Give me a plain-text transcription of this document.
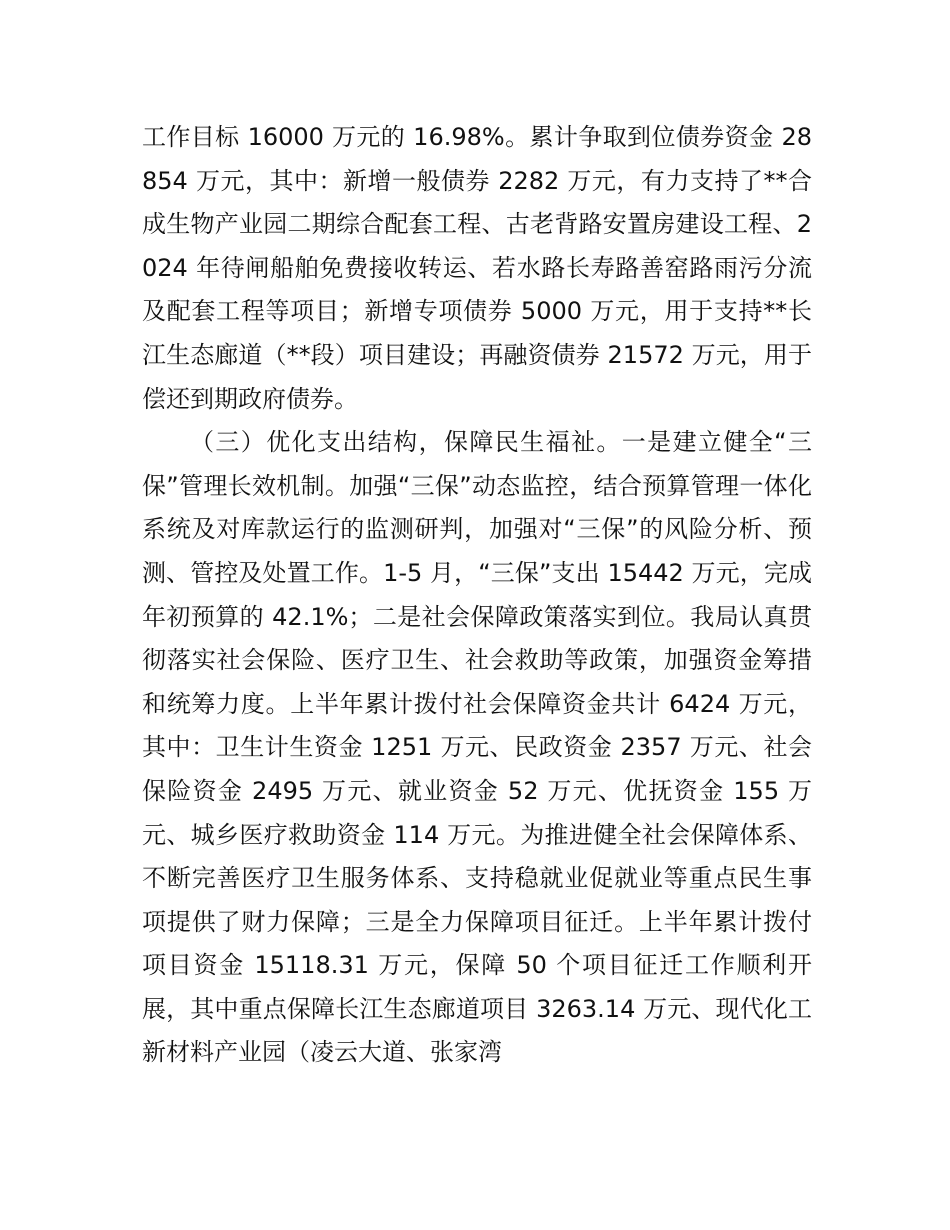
工作目标 16000 万元的 16.98%。累计争取到位债券资金 28854 万元，其中：新增一般债券 2282 万元，有力支持了**合成生物产业园二期综合配套工程、古老背路安置房建设工程、2024 年待闸船舶免费接收转运、若水路长寿路善窑路雨污分流及配套工程等项目；新增专项债券 5000 万元，用于支持**长江生态廊道（**段）项目建设；再融资债券 21572 万元，用于偿还到期政府债券。

（三）优化支出结构，保障民生福祉。一是建立健全“三保”管理长效机制。加强“三保”动态监控，结合预算管理一体化系统及对库款运行的监测研判，加强对“三保”的风险分析、预测、管控及处置工作。1-5 月，“三保”支出 15442 万元，完成年初预算的 42.1%；二是社会保障政策落实到位。我局认真贯彻落实社会保险、医疗卫生、社会救助等政策，加强资金筹措和统筹力度。上半年累计拨付社会保障资金共计 6424 万元，其中：卫生计生资金 1251 万元、民政资金 2357 万元、社会保险资金 2495 万元、就业资金 52 万元、优抚资金 155 万元、城乡医疗救助资金 114 万元。为推进健全社会保障体系、不断完善医疗卫生服务体系、支持稳就业促就业等重点民生事项提供了财力保障；三是全力保障项目征迁。上半年累计拨付项目资金 15118.31 万元，保障 50 个项目征迁工作顺利开展，其中重点保障长江生态廊道项目 3263.14 万元、现代化工新材料产业园（凌云大道、张家湾
